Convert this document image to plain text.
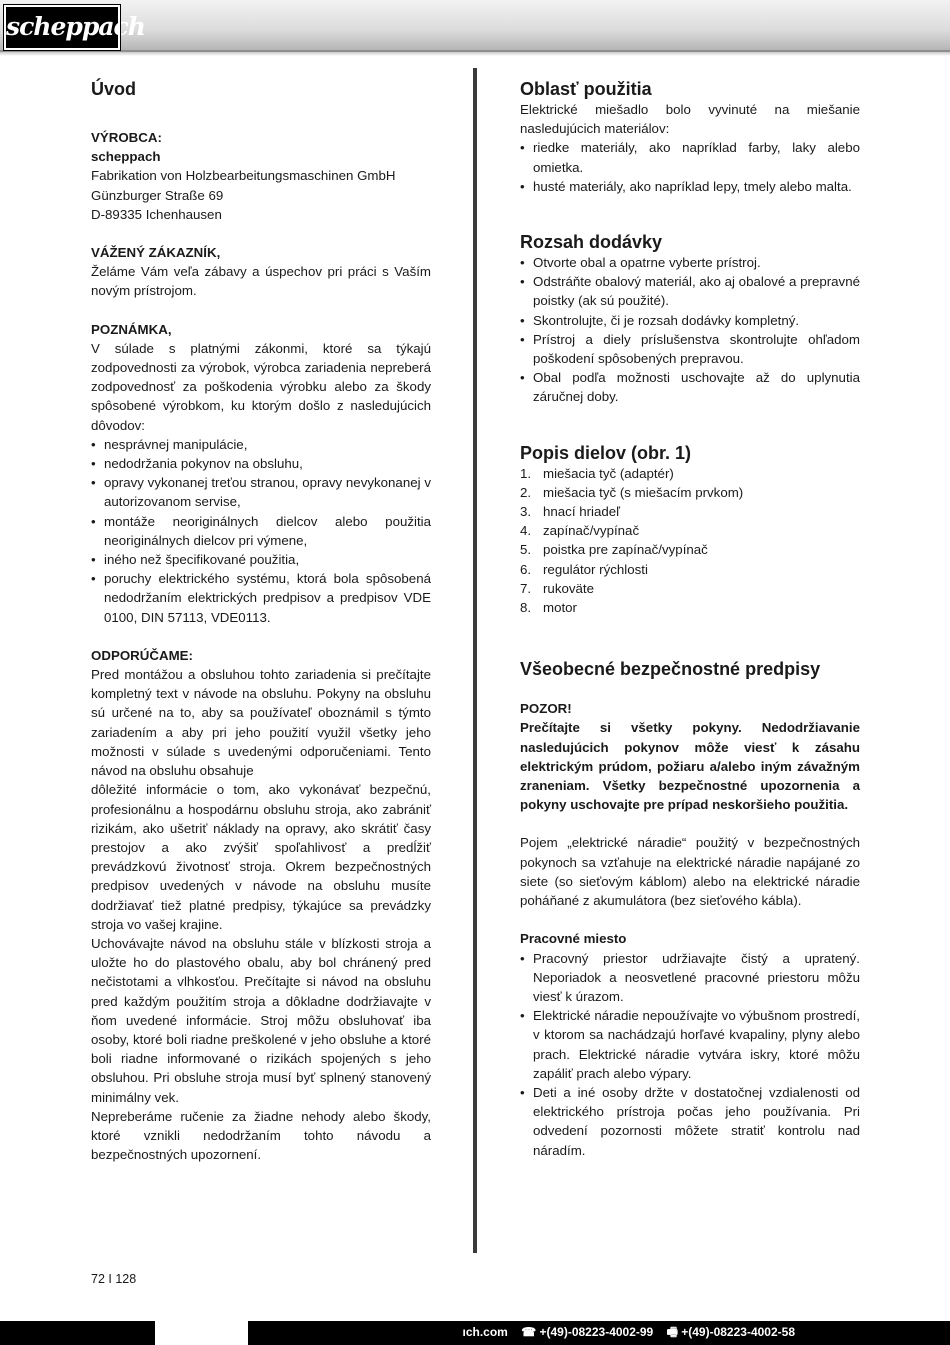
scheppach
Úvod
VÝROBCA:
scheppach
Fabrikation von Holzbearbeitungsmaschinen GmbH
Günzburger Straße 69
D-89335 Ichenhausen
VÁŽENÝ ZÁKAZNÍK,

Želáme Vám veľa zábavy a úspechov pri práci s Vaším novým prístrojom.

POZNÁMKA,

V súlade s platnými zákonmi, ktoré sa týkajú zodpovednosti za výrobok, výrobca zariadenia nepreberá zodpovednosť za poškodenia výrobku alebo za škody spôsobené výrobkom, ku ktorým došlo z nasledujúcich dôvodov:

• nesprávnej manipulácie,
• nedodržania pokynov na obsluhu,
• opravy vykonanej treťou stranou, opravy nevykonanej v autorizovanom servise,
• montáže neoriginálnych dielcov alebo použitia neoriginálnych dielcov pri výmene,
• iného než špecifikované použitia,
• poruchy elektrického systému, ktorá bola spôsobená nedodržaním elektrických predpisov a predpisov VDE 0100, DIN 57113, VDE0113.
ODPORÚČAME:

Pred montážou a obsluhou tohto zariadenia si prečítajte kompletný text v návode na obsluhu. Pokyny na obsluhu sú určené na to, aby sa používateľ oboznámil s týmto zariadením a aby pri jeho použití využil všetky jeho možnosti v súlade s uvedenými odporučeniami. Tento návod na obsluhu obsahuje

dôležité informácie o tom, ako vykonávať bezpečnú, profesionálnu a hospodárnu obsluhu stroja, ako zabrániť rizikám, ako ušetriť náklady na opravy, ako skrátiť časy prestojov a ako zvýšiť spoľahlivosť a predĺžiť prevádzkovú životnosť stroja. Okrem bezpečnostných predpisov uvedených v návode na obsluhu musíte dodržiavať tiež platné predpisy, týkajúce sa prevádzky stroja vo vašej krajine.

Uchovávajte návod na obsluhu stále v blízkosti stroja a uložte ho do plastového obalu, aby bol chránený pred nečistotami a vlhkosťou. Prečítajte si návod na obsluhu pred každým použitím stroja a dôkladne dodržiavajte v ňom uvedené informácie. Stroj môžu obsluhovať iba osoby, ktoré boli riadne preškolené v jeho obsluhe a ktoré boli riadne informované o rizikách spojených s jeho obsluhou. Pri obsluhe stroja musí byť splnený stanovený minimálny vek.

Nepreberáme ručenie za žiadne nehody alebo škody, ktoré vznikli nedodržaním tohto návodu a bezpečnostných upozornení.

Oblasť použitia

Elektrické miešadlo bolo vyvinuté na miešanie nasledujúcich materiálov:

• riedke materiály, ako napríklad farby, laky alebo omietka.
• husté materiály, ako napríklad lepy, tmely alebo malta.
Rozsah dodávky
• Otvorte obal a opatrne vyberte prístroj.
• Odstráňte obalový materiál, ako aj obalové a prepravné poistky (ak sú použité).
• Skontrolujte, či je rozsah dodávky kompletný.
• Prístroj a diely príslušenstva skontrolujte ohľadom poškodení spôsobených prepravou.
• Obal podľa možnosti uschovajte až do uplynutia záručnej doby.
Popis dielov (obr. 1)
1. miešacia tyč (adaptér)
2. miešacia tyč (s miešacím prvkom)
3. hnací hriadeľ
4. zapínač/vypínač
5. poistka pre zapínač/vypínač
6. regulátor rýchlosti
7. rukoväte
8. motor
Všeobecné bezpečnostné predpisy
POZOR!

Prečítajte si všetky pokyny. Nedodržiavanie nasledujúcich pokynov môže viesť k zásahu elektrickým prúdom, požiaru a/alebo iným závažným zraneniam. Všetky bezpečnostné upozornenia a pokyny uschovajte pre prípad neskoršieho použitia.

Pojem „elektrické náradie“ použitý v bezpečnostných pokynoch sa vzťahuje na elektrické náradie napájané zo siete (so sieťovým káblom) alebo na elektrické náradie poháňané z akumulátora (bez sieťového kábla).

Pracovné miesto
• Pracovný priestor udržiavajte čistý a upratený. Neporiadok a neosvetlené pracovné priestoru môžu viesť k úrazom.
• Elektrické náradie nepoužívajte vo výbušnom prostredí, v ktorom sa nachádzajú horľavé kvapaliny, plyny alebo prach. Elektrické náradie vytvára iskry, ktoré môžu zapáliť prach alebo výpary.
• Deti a iné osoby držte v dostatočnej vzdialenosti od elektrického prístroja počas jeho používania. Pri odvedení pozornosti môžete stratiť kontrolu nad náradím.
72 I 128
ıch.com ☎ +(49)-08223-4002-99 🖷 +(49)-08223-4002-58
